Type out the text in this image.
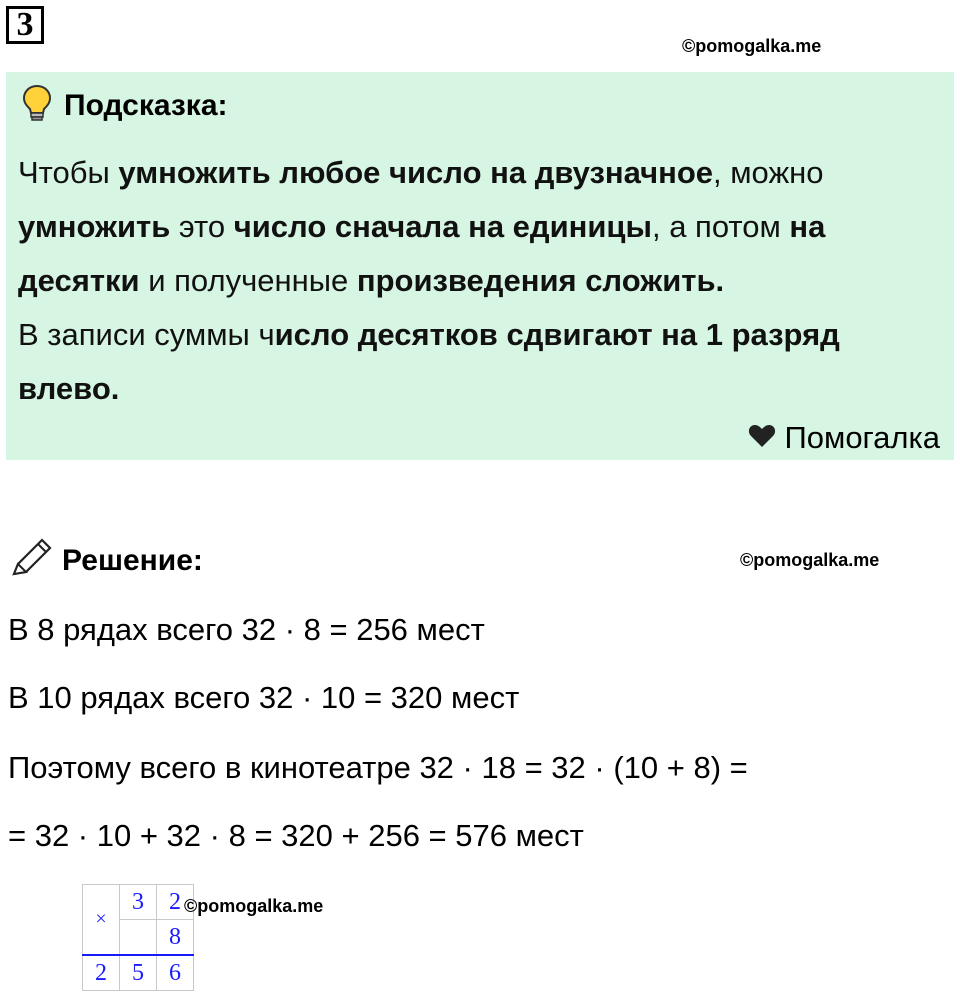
3
©pomogalka.me
Подсказка:
Чтобы умножить любое число на двузначное, можно умножить это число сначала на единицы, а потом на десятки и полученные произведения сложить.
В записи суммы число десятков сдвигают на 1 разряд влево.
Помогалка
Решение:	©pomogalka.me
В 8 рядах всего 32 · 8 = 256 мест
В 10 рядах всего 32 · 10 = 320 мест
Поэтому всего в кинотеатре 32 · 18 = 32 · (10 + 8) =
= 32 · 10 + 32 · 8 = 320 + 256 = 576 мест
×	3	2
		8
2	5	6
©pomogalka.me
